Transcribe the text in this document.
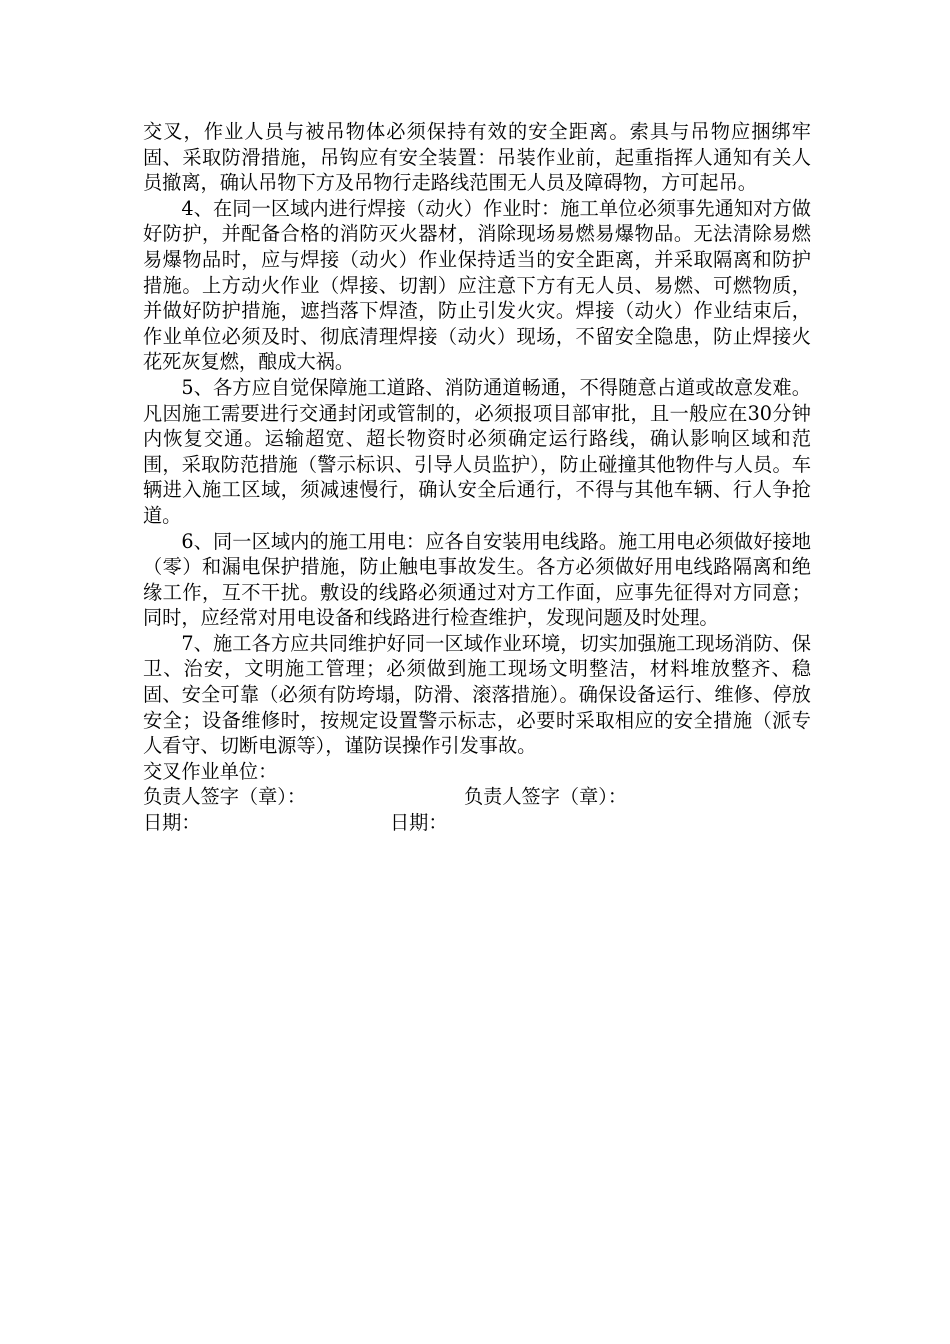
交叉，作业人员与被吊物体必须保持有效的安全距离。索具与吊物应捆绑牢固、采取防滑措施，吊钩应有安全装置：吊装作业前，起重指挥人通知有关人员撤离，确认吊物下方及吊物行走路线范围无人员及障碍物，方可起吊。

4、在同一区域内进行焊接（动火）作业时：施工单位必须事先通知对方做好防护，并配备合格的消防灭火器材，消除现场易燃易爆物品。无法清除易燃易爆物品时，应与焊接（动火）作业保持适当的安全距离，并采取隔离和防护措施。上方动火作业（焊接、切割）应注意下方有无人员、易燃、可燃物质，并做好防护措施，遮挡落下焊渣，防止引发火灾。焊接（动火）作业结束后，作业单位必须及时、彻底清理焊接（动火）现场，不留安全隐患，防止焊接火花死灰复燃，酿成大祸。

5、各方应自觉保障施工道路、消防通道畅通，不得随意占道或故意发难。凡因施工需要进行交通封闭或管制的，必须报项目部审批，且一般应在30分钟内恢复交通。运输超宽、超长物资时必须确定运行路线，确认影响区域和范围，采取防范措施（警示标识、引导人员监护），防止碰撞其他物件与人员。车辆进入施工区域，须减速慢行，确认安全后通行，不得与其他车辆、行人争抢道。

6、同一区域内的施工用电：应各自安装用电线路。施工用电必须做好接地（零）和漏电保护措施，防止触电事故发生。各方必须做好用电线路隔离和绝缘工作，互不干扰。敷设的线路必须通过对方工作面，应事先征得对方同意；同时，应经常对用电设备和线路进行检查维护，发现问题及时处理。

7、施工各方应共同维护好同一区域作业环境，切实加强施工现场消防、保卫、治安，文明施工管理；必须做到施工现场文明整洁，材料堆放整齐、稳固、安全可靠（必须有防垮塌，防滑、滚落措施）。确保设备运行、维修、停放安全；设备维修时，按规定设置警示标志，必要时采取相应的安全措施（派专人看守、切断电源等），谨防误操作引发事故。

交叉作业单位：

负责人签字（章）：	负责人签字（章）：

日期：	日期：
